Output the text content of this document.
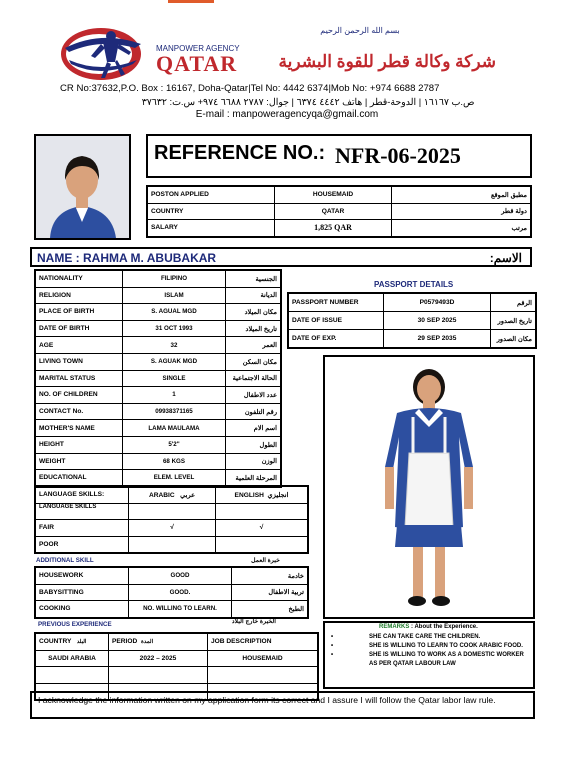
بسم الله الرحمن الرحيم
MANPOWER AGENCY
QATAR	شركة وكالة قطر للقوة البشرية
CR No:37632,P.O. Box : 16167, Doha-Qatar|Tel No: 4442 6374|Mob No: +974 6688 2787
ص.ب ١٦١٦٧ | الدوحة-قطر | هاتف ٤٤٤٢ ٦٣٧٤ | جوال: ٢٧٨٧ ٦٦٨٨ ٩٧٤+ س.ت: ٣٧٦٣٢
E-mail : manpoweragencyqa@gmail.com
REFERENCE NO.: NFR-06-2025
POSTON APPLIED	HOUSEMAID	مطبق الموقع
COUNTRY	QATAR	دولة قطر
SALARY	1,825 QAR	مرتب
NAME : RAHMA M. ABUBAKAR	الاسم:
NATIONALITY	FILIPINO	الجنسية
RELIGION	ISLAM	الديانة
PLACE OF BIRTH	S. AGUAL MGD	مكان الميلاد
DATE OF BIRTH	31 OCT 1993	تاريخ الميلاد
AGE	32	العمر
LIVING TOWN	S. AGUAK MGD	مكان السكن
MARITAL STATUS	SINGLE	الحالة الاجتماعية
NO. OF CHILDREN	1	عدد الاطفال
CONTACT No.	09938371165	رقم التلفون
MOTHER'S NAME	LAMA MAULAMA	اسم الام
HEIGHT	5'2"	الطول
WEIGHT	68 KGS	الوزن
EDUCATIONAL	ELEM. LEVEL	المرحلة العلمية
PASSPORT DETAILS
PASSPORT NUMBER	P0579493D	الرقم
DATE OF ISSUE	30 SEP 2025	تاريخ الصدور
DATE OF EXP.	29 SEP 2035	مكان الصدور
LANGUAGE SKILLS:	ARABIC عربي	ENGLISH انجليزي
LANGUAGE SKILLS		
FAIR	√	√
POOR		
ADDITIONAL SKILL	خبرة العمل
HOUSEWORK	GOOD	خادمة
BABYSITTING	GOOD.	تربية الاطفال
COOKING	NO. WILLING TO LEARN.	الطبخ
PREVIOUS EXPERIENCE	الخبرة خارج البلاد
COUNTRY البلد	PERIOD المدة	JOB DESCRIPTION
SAUDI ARABIA	2022 – 2025	HOUSEMAID

REMARKS : About the Experience.
•	SHE CAN TAKE CARE THE CHILDREN.
•	SHE IS WILLING TO LEARN TO COOK ARABIC FOOD.
•	SHE IS WILLING TO WORK AS A DOMESTIC WORKER AS PER QATAR LABOUR LAW
I acknowledge the information written on my application form its correct and I assure I will follow the Qatar labor law rule.
